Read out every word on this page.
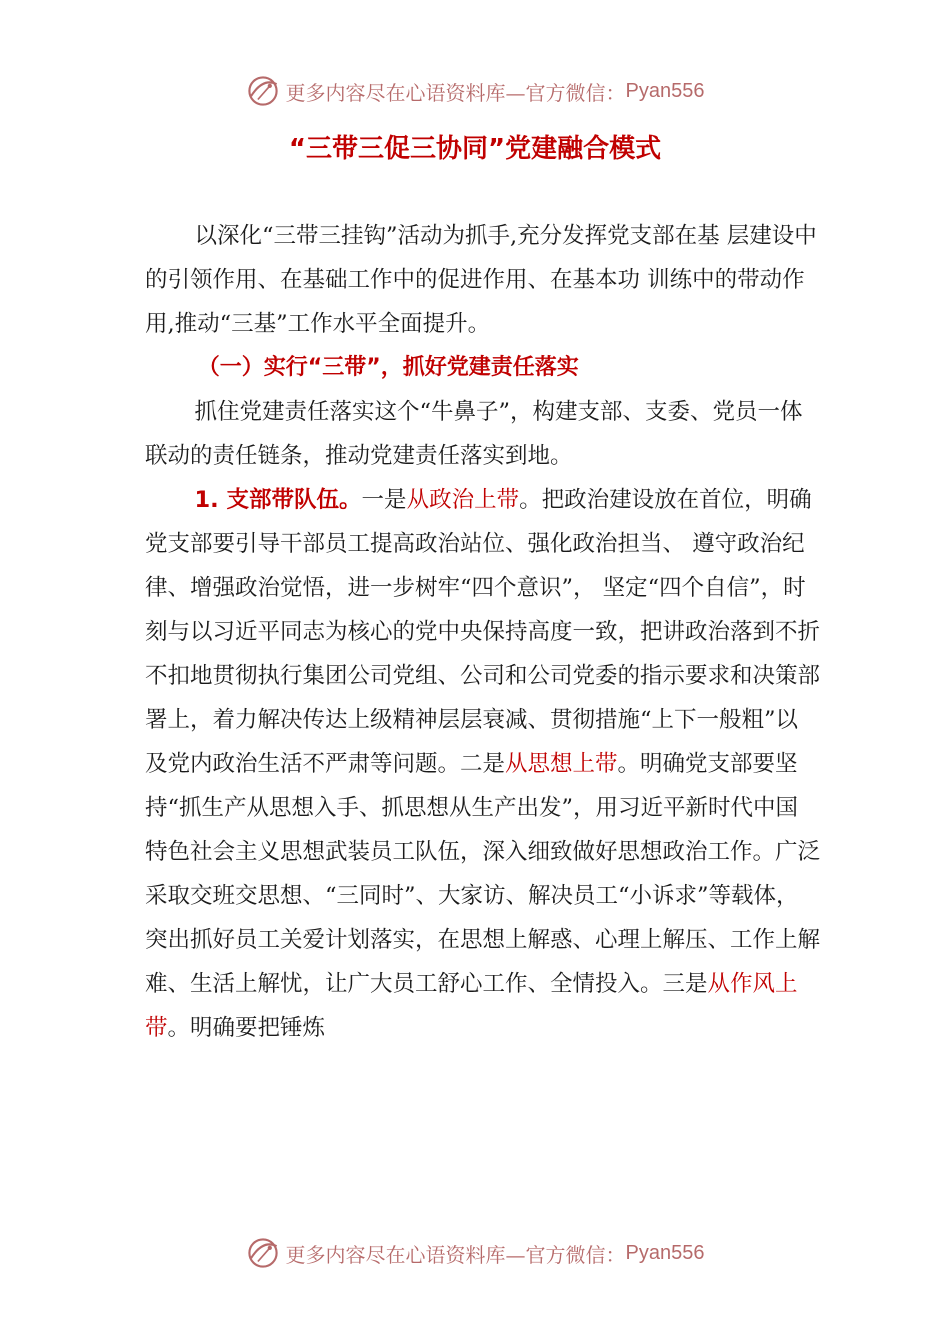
更多内容尽在心语资料库—官方微信： Pyan556
“三带三促三协同”党建融合模式

以深化“三带三挂钩”活动为抓手,充分发挥党支部在基 层建设中的引领作用、在基础工作中的促进作用、在基本功 训练中的带动作用,推动“三基”工作水平全面提升。

（一）实行“三带”，抓好党建责任落实

抓住党建责任落实这个“牛鼻子”，构建支部、支委、党员一体联动的责任链条，推动党建责任落实到地。

1. 支部带队伍。一是从政治上带。把政治建设放在首位，明确党支部要引导干部员工提高政治站位、强化政治担当、 遵守政治纪律、增强政治觉悟，进一步树牢“四个意识”， 坚定“四个自信”，时刻与以习近平同志为核心的党中央保持高度一致，把讲政治落到不折不扣地贯彻执行集团公司党组、公司和公司党委的指示要求和决策部署上，着力解决传达上级精神层层衰减、贯彻措施“上下一般粗”以及党内政治生活不严肃等问题。二是从思想上带。明确党支部要坚持“抓生产从思想入手、抓思想从生产出发”，用习近平新时代中国特色社会主义思想武装员工队伍，深入细致做好思想政治工作。广泛采取交班交思想、“三同时”、大家访、解决员工“小诉求”等载体，突出抓好员工关爱计划落实，在思想上解惑、心理上解压、工作上解难、生活上解忧，让广大员工舒心工作、全情投入。三是从作风上带。明确要把锤炼

更多内容尽在心语资料库—官方微信： Pyan556
